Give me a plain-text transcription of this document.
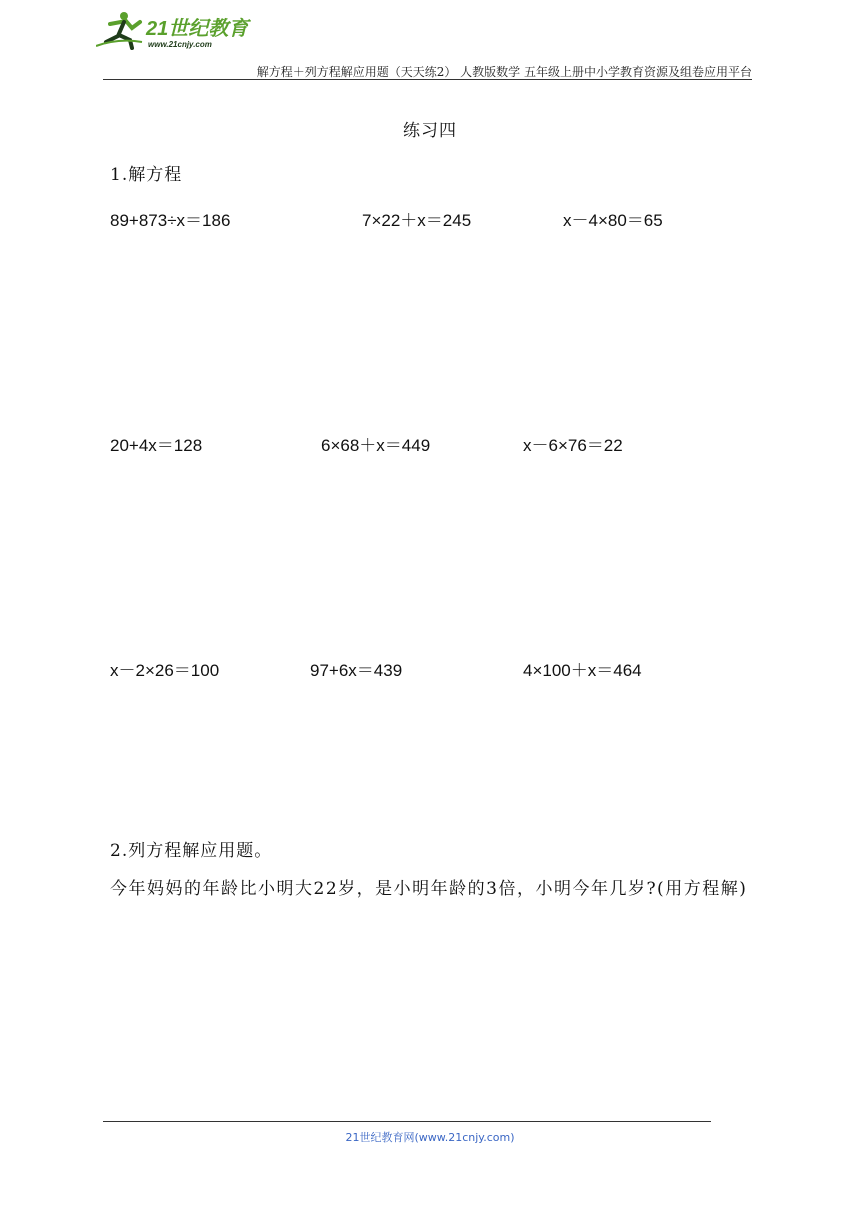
21世纪教育
www.21cnjy.com
解方程＋列方程解应用题（天天练2） 人教版数学 五年级上册中小学教育资源及组卷应用平台
练习四
1.解方程
89+873÷x＝186	7×22＋x＝245	x－4×80＝65
20+4x＝128	6×68＋x＝449	x－6×76＝22
x－2×26＝100	97+6x＝439	4×100＋x＝464
2.列方程解应用题。
今年妈妈的年龄比小明大22岁，是小明年龄的3倍，小明今年几岁?(用方程解)
21世纪教育网(www.21cnjy.com)
